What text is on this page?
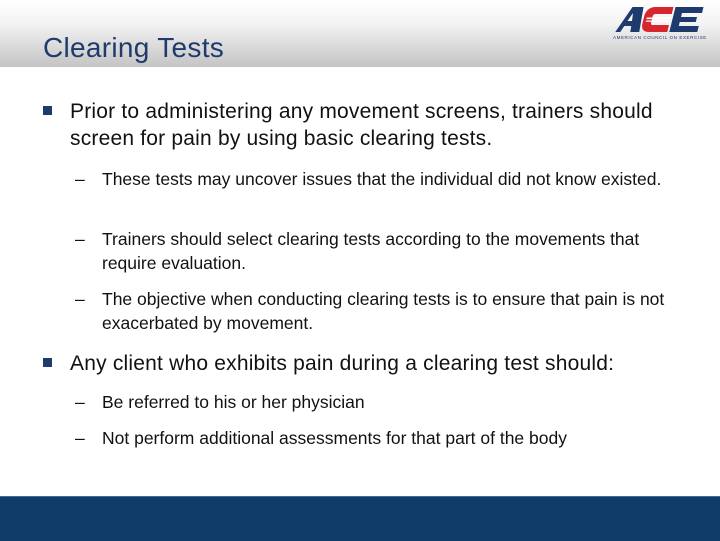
Clearing Tests	AMERICAN COUNCIL ON EXERCISE
Prior to administering any movement screens, trainers should screen for pain by using basic clearing tests.
– These tests may uncover issues that the individual did not know existed.
– Trainers should select clearing tests according to the movements that require evaluation.
– The objective when conducting clearing tests is to ensure that pain is not exacerbated by movement.
Any client who exhibits pain during a clearing test should:
– Be referred to his or her physician
– Not perform additional assessments for that part of the body
